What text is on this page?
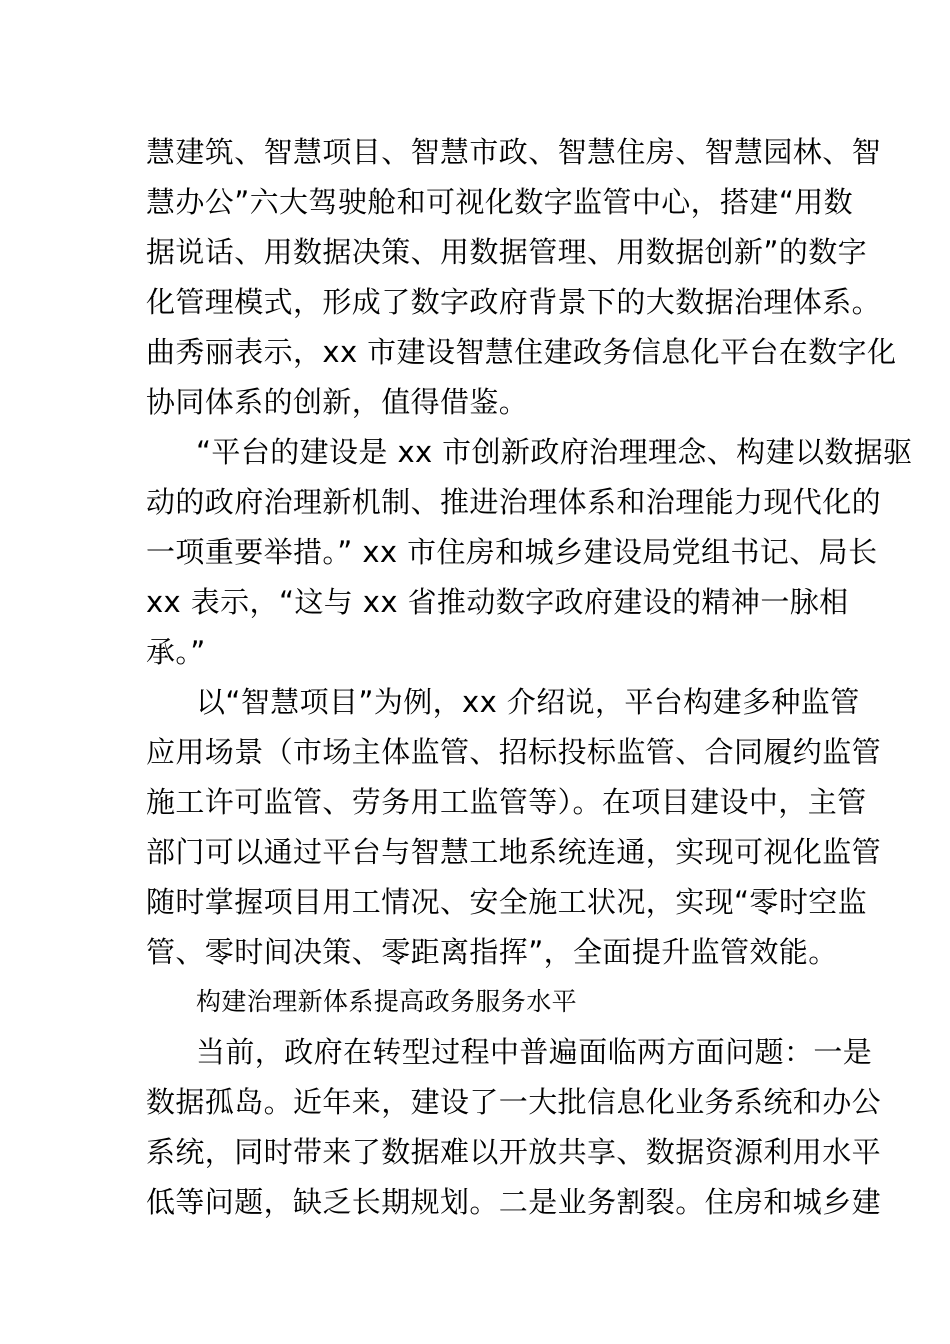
慧建筑、智慧项目、智慧市政、智慧住房、智慧园林、智
慧办公”六大驾驶舱和可视化数字监管中心，搭建“用数
据说话、用数据决策、用数据管理、用数据创新”的数字
化管理模式，形成了数字政府背景下的大数据治理体系。
曲秀丽表示，xx 市建设智慧住建政务信息化平台在数字化
协同体系的创新，值得借鉴。
“平台的建设是 xx 市创新政府治理理念、构建以数据驱
动的政府治理新机制、推进治理体系和治理能力现代化的
一项重要举措。” xx 市住房和城乡建设局党组书记、局长
xx 表示，“这与 xx 省推动数字政府建设的精神一脉相
承。”
以“智慧项目”为例，xx 介绍说，平台构建多种监管
应用场景（市场主体监管、招标投标监管、合同履约监管
施工许可监管、劳务用工监管等）。在项目建设中，主管
部门可以通过平台与智慧工地系统连通，实现可视化监管
随时掌握项目用工情况、安全施工状况，实现“零时空监
管、零时间决策、零距离指挥”，全面提升监管效能。
构建治理新体系提高政务服务水平
当前，政府在转型过程中普遍面临两方面问题：一是
数据孤岛。近年来，建设了一大批信息化业务系统和办公
系统，同时带来了数据难以开放共享、数据资源利用水平
低等问题，缺乏长期规划。二是业务割裂。住房和城乡建
